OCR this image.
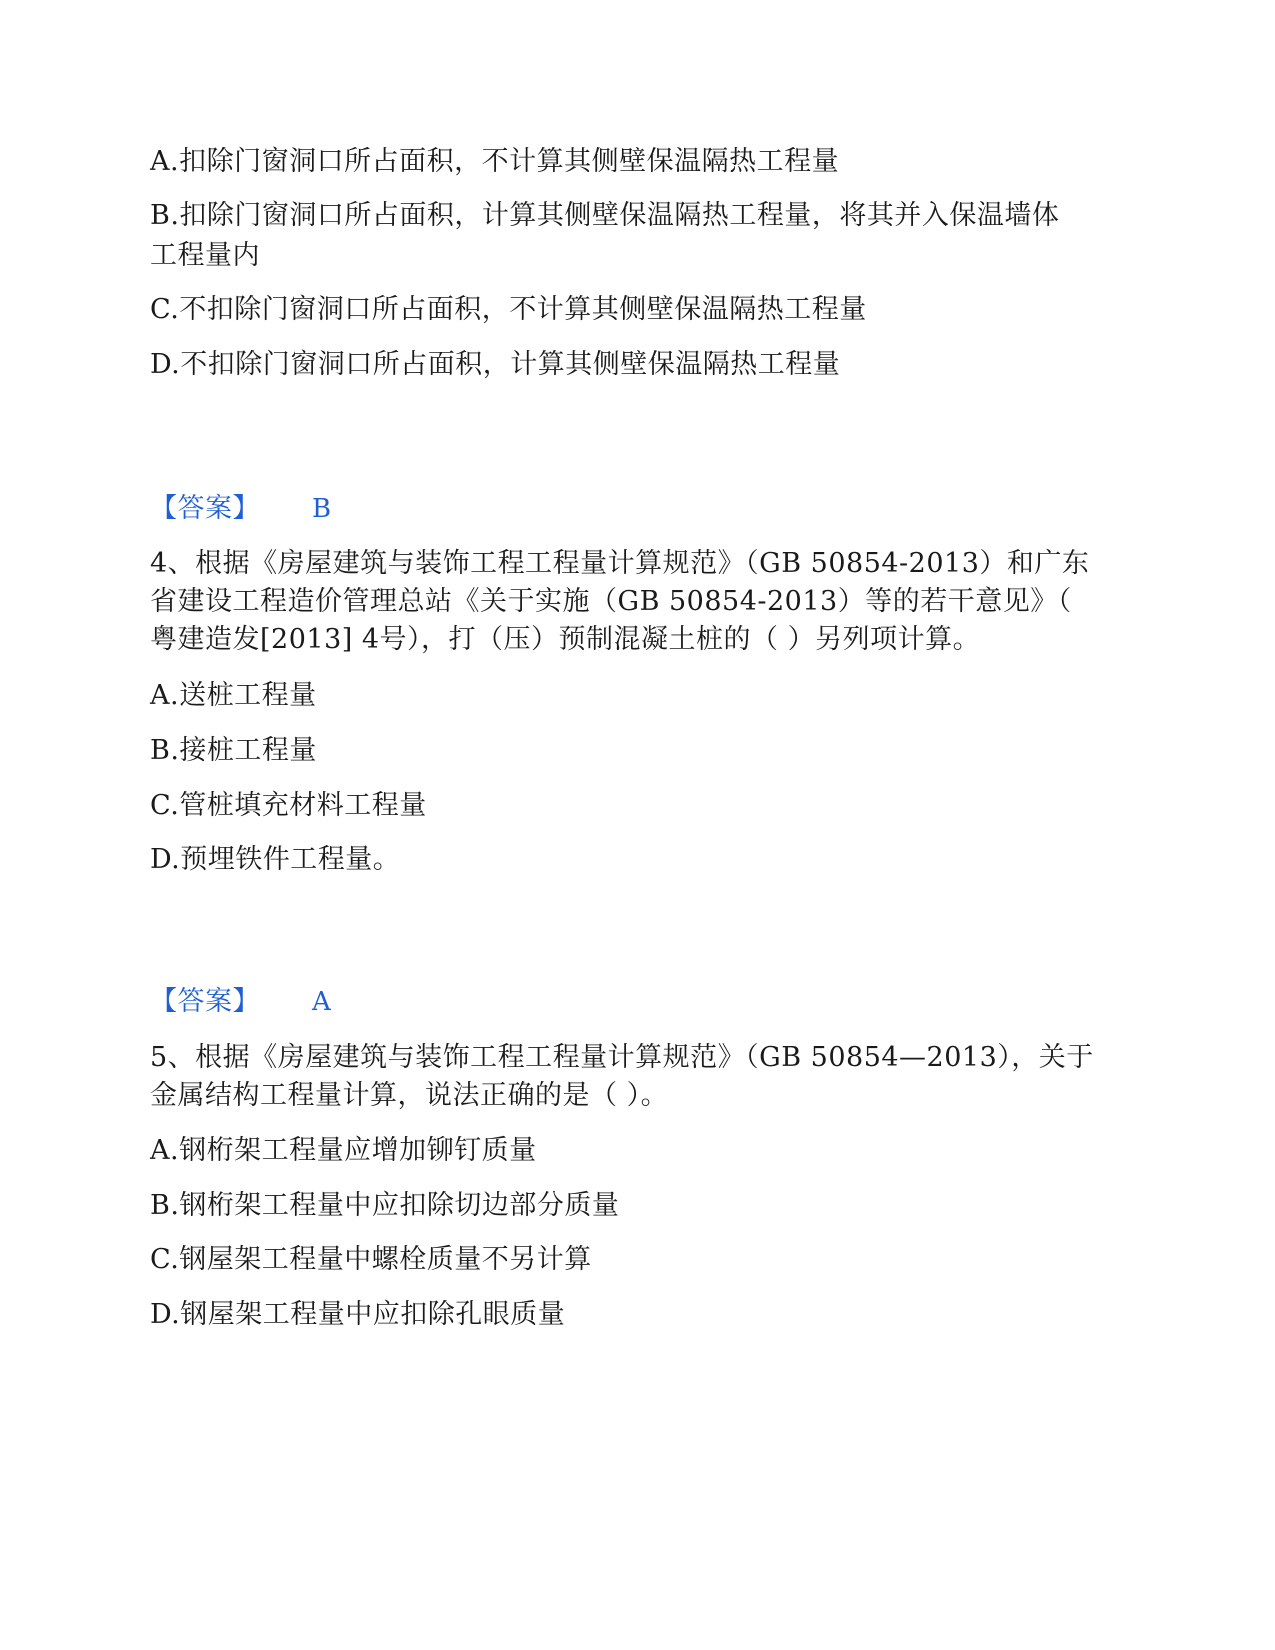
A.扣除门窗洞口所占面积，不计算其侧壁保温隔热工程量
B.扣除门窗洞口所占面积，计算其侧壁保温隔热工程量，将其并入保温墙体
工程量内
C.不扣除门窗洞口所占面积，不计算其侧壁保温隔热工程量
D.不扣除门窗洞口所占面积，计算其侧壁保温隔热工程量
【答案】 B
4、根据《房屋建筑与装饰工程工程量计算规范》（GB 50854-2013）和广东
省建设工程造价管理总站《关于实施（GB 50854-2013）等的若干意见》（
粤建造发[2013] 4号），打（压）预制混凝土桩的（ ）另列项计算。
A.送桩工程量
B.接桩工程量
C.管桩填充材料工程量
D.预埋铁件工程量。
【答案】 A
5、根据《房屋建筑与装饰工程工程量计算规范》（GB 50854—2013），关于
金属结构工程量计算，说法正确的是（ ）。
A.钢桁架工程量应增加铆钉质量
B.钢桁架工程量中应扣除切边部分质量
C.钢屋架工程量中螺栓质量不另计算
D.钢屋架工程量中应扣除孔眼质量
